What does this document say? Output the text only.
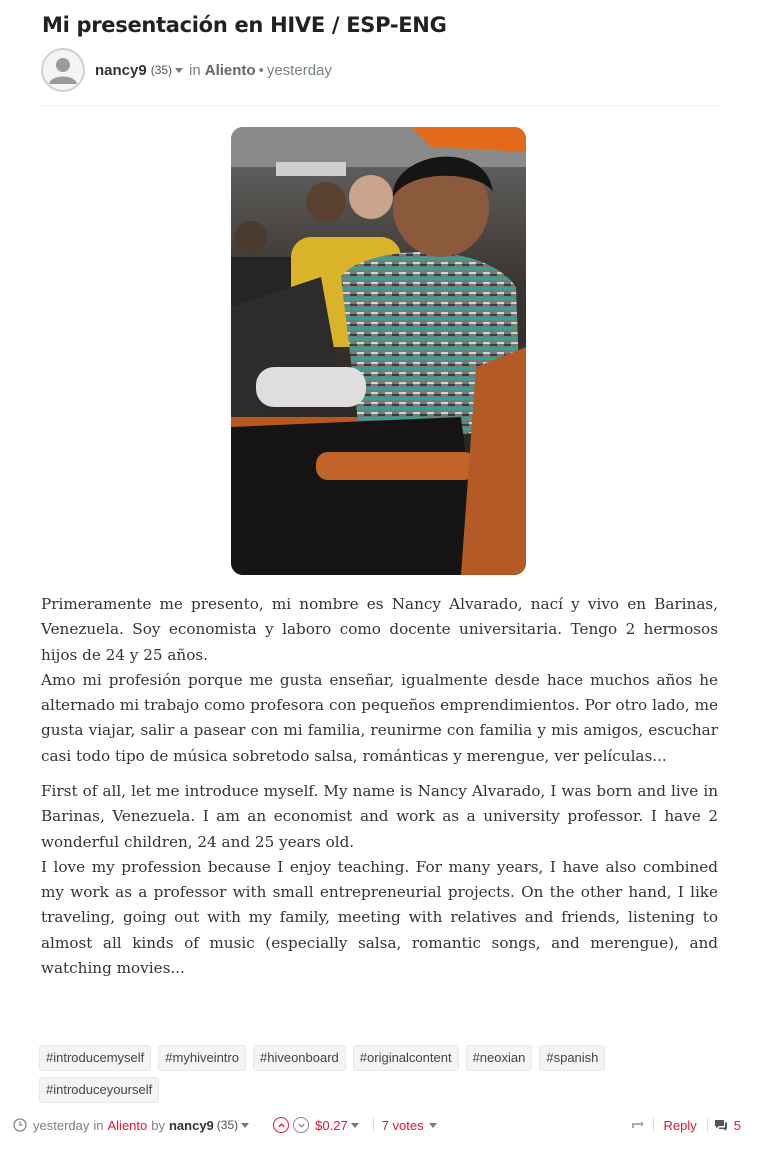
Mi presentación en HIVE / ESP-ENG
nancy9 (35) in Aliento • yesterday

Primeramente me presento, mi nombre es Nancy Alvarado, nací y vivo en Barinas, Venezuela. Soy economista y laboro como docente universitaria. Tengo 2 hermosos hijos de 24 y 25 años.
Amo mi profesión porque me gusta enseñar, igualmente desde hace muchos años he alternado mi trabajo como profesora con pequeños emprendimientos. Por otro lado, me gusta viajar, salir a pasear con mi familia, reunirme con familia y mis amigos, escuchar casi todo tipo de música sobretodo salsa, románticas y merengue, ver películas...

First of all, let me introduce myself. My name is Nancy Alvarado, I was born and live in Barinas, Venezuela. I am an economist and work as a university professor. I have 2 wonderful children, 24 and 25 years old.
I love my profession because I enjoy teaching. For many years, I have also combined my work as a professor with small entrepreneurial projects. On the other hand, I like traveling, going out with my family, meeting with relatives and friends, listening to almost all kinds of music (especially salsa, romantic songs, and merengue), and watching movies...

#introducemyself	#myhiveintro	#hiveonboard	#originalcontent	#neoxian	#spanish
#introduceyourself
yesterday in Aliento by nancy9 (35)	$0.27	7 votes	Reply	5
